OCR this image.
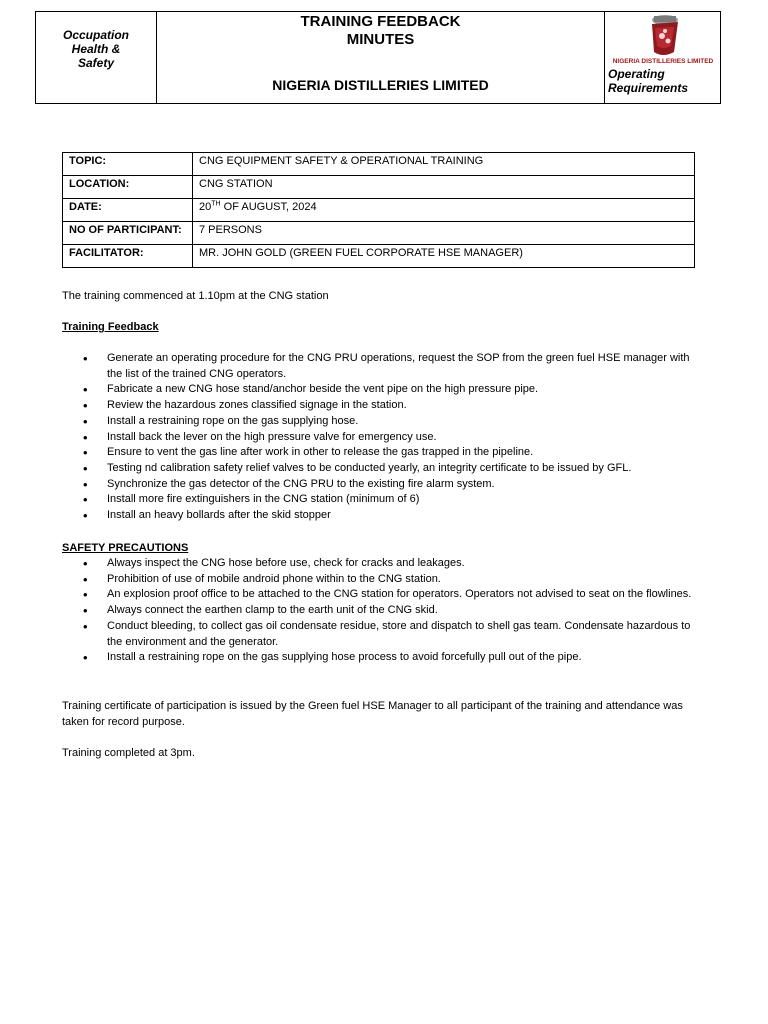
Occupation
Health &
Safety
TRAINING FEEDBACK
MINUTES
NIGERIA DISTILLERIES LIMITED
NIGERIA DISTILLERIES LIMITED
Operating
Requirements
TOPIC:	CNG EQUIPMENT SAFETY & OPERATIONAL TRAINING
LOCATION:	CNG STATION
DATE:	20TH OF AUGUST, 2024
NO OF PARTICIPANT:	7 PERSONS
FACILITATOR:	MR. JOHN GOLD (GREEN FUEL CORPORATE HSE MANAGER)
The training commenced at 1.10pm at the CNG station
Training Feedback
• Generate an operating procedure for the CNG PRU operations, request the SOP from the green fuel HSE manager with the list of the trained CNG operators.
• Fabricate a new CNG hose stand/anchor beside the vent pipe on the high pressure pipe.
• Review the hazardous zones classified signage in the station.
• Install a restraining rope on the gas supplying hose.
• Install back the lever on the high pressure valve for emergency use.
• Ensure to vent the gas line after work in other to release the gas trapped in the pipeline.
• Testing nd calibration safety relief valves to be conducted yearly, an integrity certificate to be issued by GFL.
• Synchronize the gas detector of the CNG PRU to the existing fire alarm system.
• Install more fire extinguishers in the CNG station (minimum of 6)
• Install an heavy bollards after the skid stopper
SAFETY PRECAUTIONS
• Always inspect the CNG hose before use, check for cracks and leakages.
• Prohibition of use of mobile android phone within to the CNG station.
• An explosion proof office to be attached to the CNG station for operators. Operators not advised to seat on the flowlines.
• Always connect the earthen clamp to the earth unit of the CNG skid.
• Conduct bleeding, to collect gas oil condensate residue, store and dispatch to shell gas team. Condensate hazardous to the environment and the generator.
• Install a restraining rope on the gas supplying hose process to avoid forcefully pull out of the pipe.
Training certificate of participation is issued by the Green fuel HSE Manager to all participant of the training and attendance was taken for record purpose.
Training completed at 3pm.
